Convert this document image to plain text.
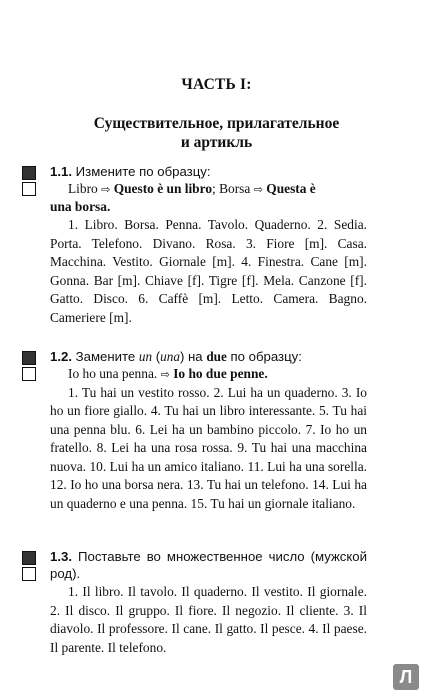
ЧАСТЬ I:
Существительное, прилагательное
и артикль
1.1. Измените по образцу:
Libro ⇨ Questo è un libro; Borsa ⇨ Questa è
una borsa.
1. Libro. Borsa. Penna. Tavolo. Quaderno. 2. Sedia. Porta. Telefono. Divano. Rosa. 3. Fiore [m]. Casa. Macchina. Vestito. Giornale [m]. 4. Finestra. Cane [m]. Gonna. Bar [m]. Chiave [f]. Tigre [f]. Mela. Canzone [f]. Gatto. Disco. 6. Caffè [m]. Letto. Camera. Bagno. Cameriere [m].
1.2. Замените un (una) на due по образцу:
Io ho una penna. ⇨ Io ho due penne.
1. Tu hai un vestito rosso. 2. Lui ha un quaderno. 3. Io ho un fiore giallo. 4. Tu hai un libro interessante. 5. Tu hai una penna blu. 6. Lei ha un bambino piccolo. 7. Io ho un fratello. 8. Lei ha una rosa rossa. 9. Tu hai una macchina nuova. 10. Lui ha un amico italiano. 11. Lui ha una sorella. 12. Io ho una borsa nera. 13. Tu hai un telefono. 14. Lui ha un quaderno e una penna. 15. Tu hai un giornale italiano.
1.3. Поставьте во множественное число (мужской род).
1. Il libro. Il tavolo. Il quaderno. Il vestito. Il giornale. 2. Il disco. Il gruppo. Il fiore. Il negozio. Il cliente. 3. Il diavolo. Il professore. Il cane. Il gatto. Il pesce. 4. Il paese. Il parente. Il telefono.
Л
